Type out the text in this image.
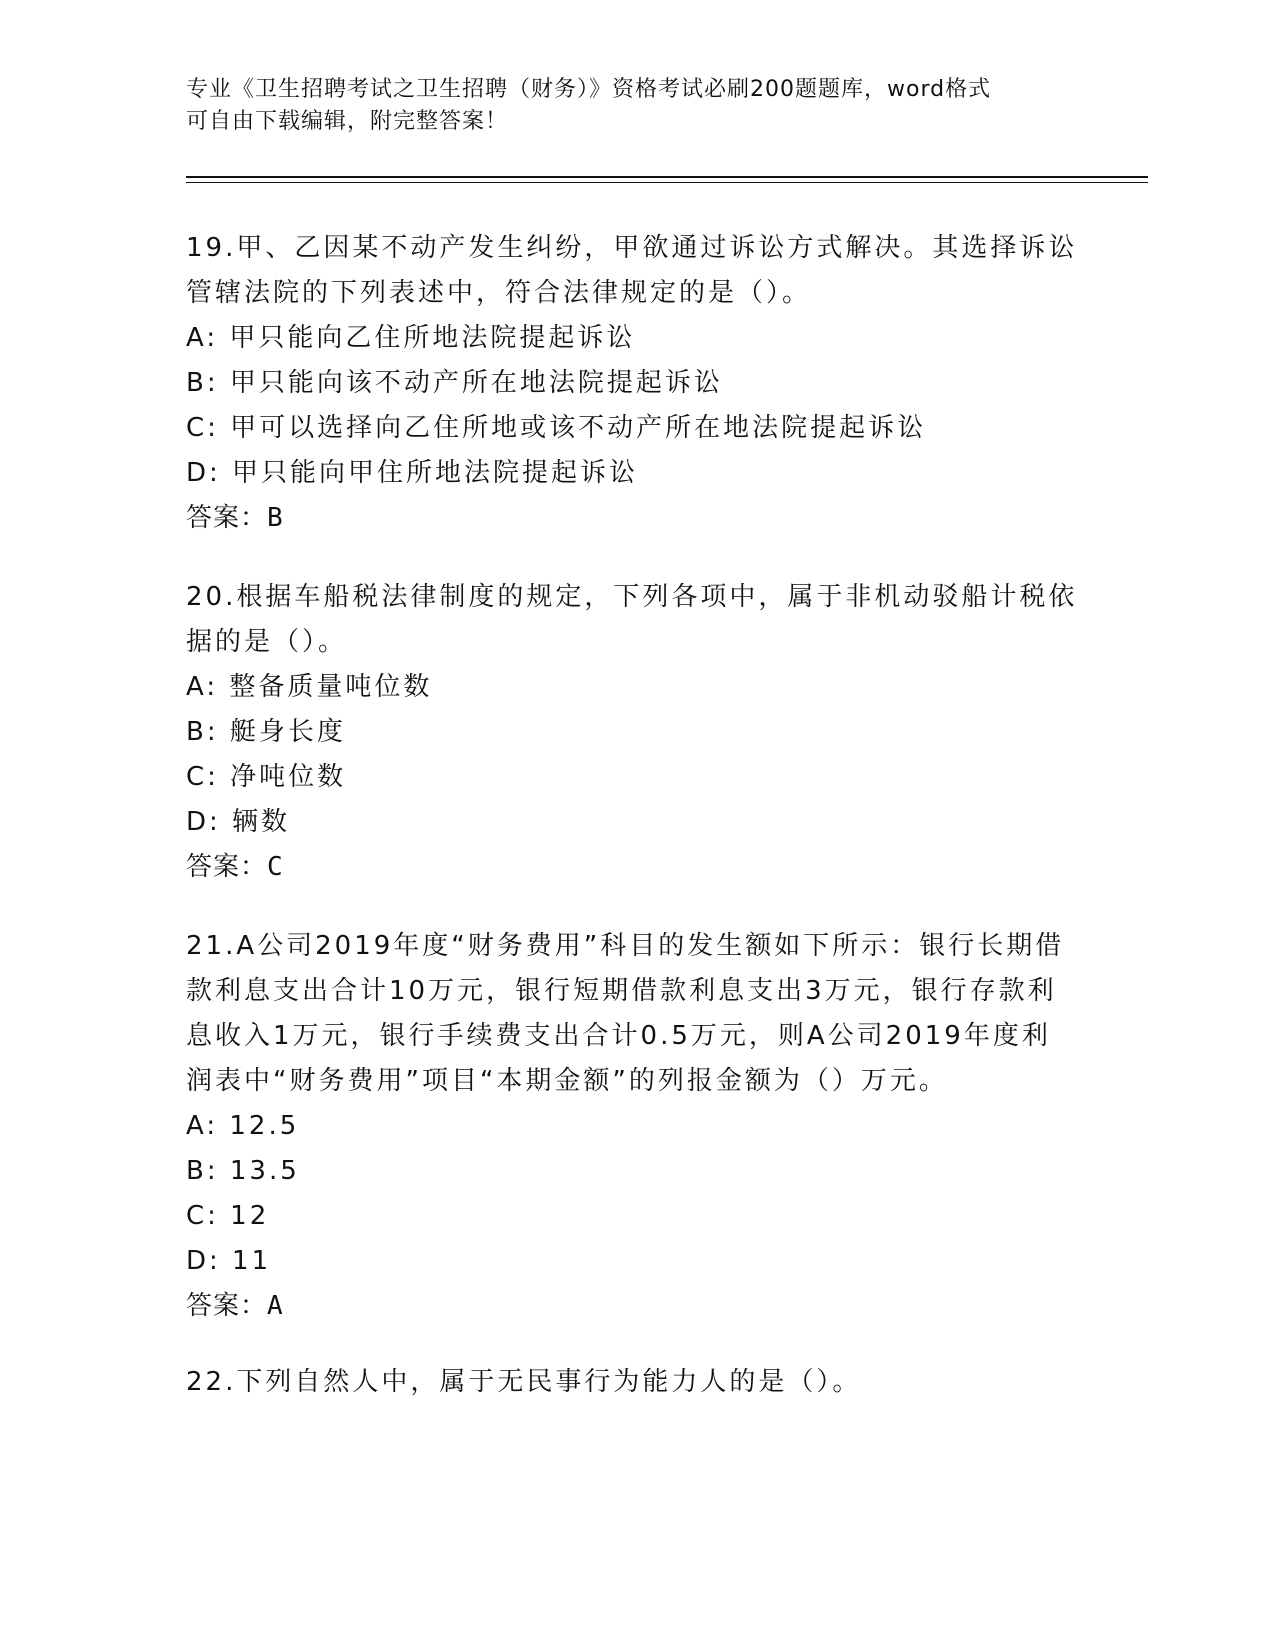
专业《卫生招聘考试之卫生招聘（财务）》资格考试必刷200题题库，word格式
可自由下载编辑，附完整答案！

19.甲、乙因某不动产发生纠纷，甲欲通过诉讼方式解决。其选择诉讼

管辖法院的下列表述中，符合法律规定的是（）。

A: 甲只能向乙住所地法院提起诉讼

B: 甲只能向该不动产所在地法院提起诉讼

C: 甲可以选择向乙住所地或该不动产所在地法院提起诉讼

D: 甲只能向甲住所地法院提起诉讼

答案：B

20.根据车船税法律制度的规定，下列各项中，属于非机动驳船计税依

据的是（）。

A: 整备质量吨位数

B: 艇身长度

C: 净吨位数

D: 辆数

答案：C

21.A公司2019年度“财务费用”科目的发生额如下所示：银行长期借

款利息支出合计10万元，银行短期借款利息支出3万元，银行存款利

息收入1万元，银行手续费支出合计0.5万元，则A公司2019年度利

润表中“财务费用”项目“本期金额”的列报金额为（）万元。

A: 12.5

B: 13.5

C: 12

D: 11

答案：A

22.下列自然人中，属于无民事行为能力人的是（）。
